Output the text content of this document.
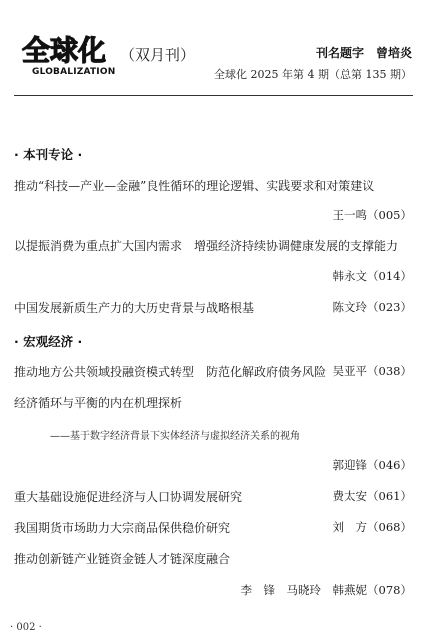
全球化
GLOBALIZATION
（双月刊）	刊名题字　曾培炎
全球化 2025 年第 4 期（总第 135 期）
· 本刊专论 ·
推动“科技—产业—金融”良性循环的理论逻辑、实践要求和对策建议
王一鸣（005）
以提振消费为重点扩大国内需求　增强经济持续协调健康发展的支撑能力
韩永文（014）
中国发展新质生产力的大历史背景与战略根基	陈文玲（023）
· 宏观经济 ·
推动地方公共领域投融资模式转型　防范化解政府债务风险 吴亚平（038）
经济循环与平衡的内在机理探析
——基于数字经济背景下实体经济与虚拟经济关系的视角
郭迎锋（046）
重大基础设施促进经济与人口协调发展研究	费太安（061）
我国期货市场助力大宗商品保供稳价研究	刘　方（068）
推动创新链产业链资金链人才链深度融合
李　锋　马晓玲　韩燕妮（078）
· 002 ·
